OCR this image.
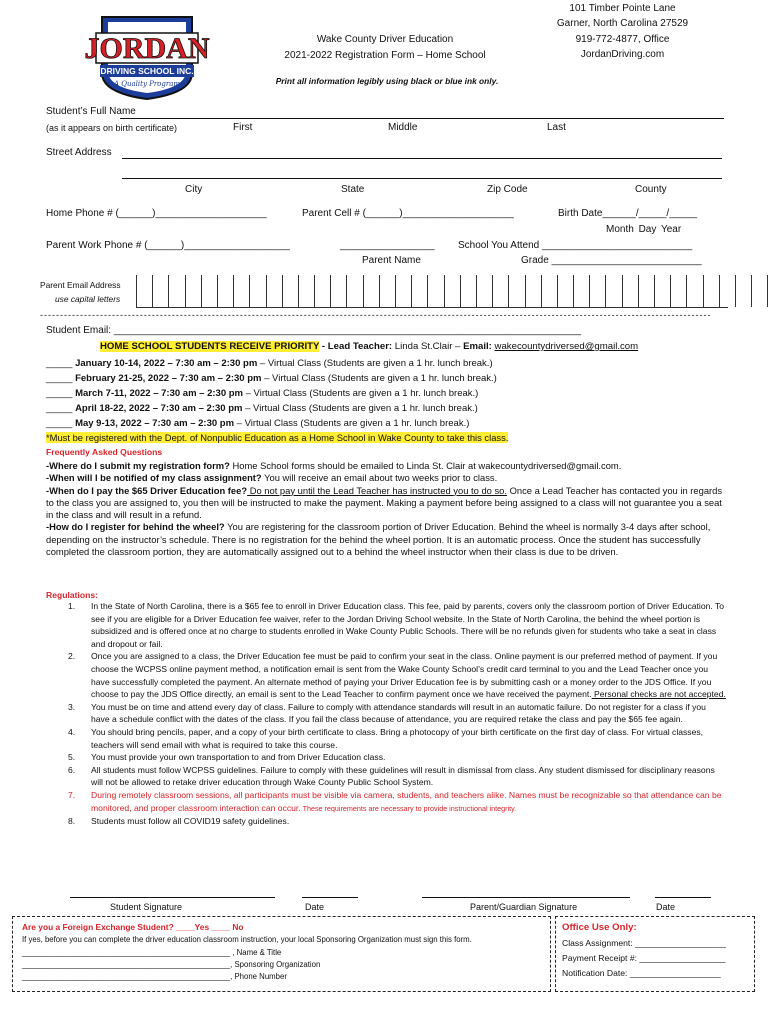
JORDAN
DRIVING SCHOOL INC.
A Quality Program
Wake County Driver Education
2021-2022 Registration Form – Home School
Print all information legibly using black or blue ink only.
101 Timber Pointe Lane
Garner, North Carolina 27529
919-772-4877, Office
JordanDriving.com
Student’s Full Name
(as it appears on birth certificate)	First	Middle	Last
Street Address
City	State	Zip Code	County
Home Phone # (______)____________________	Parent Cell # (______)____________________	Birth Date______/_____/_____
Month Day Year
Parent Work Phone # (______)___________________	_________________ School You Attend ___________________________
Parent Name	Grade ___________________________
Parent Email Address
use capital letters
------------------------------------------------------------------------------------------------------------------------------------------------------------------------
Student Email: ____________________________________________________________________________________
HOME SCHOOL STUDENTS RECEIVE PRIORITY - Lead Teacher: Linda St.Clair – Email: wakecountydriversed@gmail.com
_____ January 10-14, 2022 – 7:30 am – 2:30 pm – Virtual Class (Students are given a 1 hr. lunch break.)
_____ February 21-25, 2022 – 7:30 am – 2:30 pm – Virtual Class (Students are given a 1 hr. lunch break.)
_____ March 7-11, 2022 – 7:30 am – 2:30 pm – Virtual Class (Students are given a 1 hr. lunch break.)
_____ April 18-22, 2022 – 7:30 am – 2:30 pm – Virtual Class (Students are given a 1 hr. lunch break.)
_____ May 9-13, 2022 – 7:30 am – 2:30 pm – Virtual Class (Students are given a 1 hr. lunch break.)
*Must be registered with the Dept. of Nonpublic Education as a Home School in Wake County to take this class.
Frequently Asked Questions

-Where do I submit my registration form? Home School forms should be emailed to Linda St. Clair at wakecountydriversed@gmail.com.

-When will I be notified of my class assignment? You will receive an email about two weeks prior to class.

-When do I pay the $65 Driver Education fee? Do not pay until the Lead Teacher has instructed you to do so. Once a Lead Teacher has contacted you in regards to the class you are assigned to, you then will be instructed to make the payment. Making a payment before being assigned to a class will not guarantee you a seat in the class and will result in a refund.

-How do I register for behind the wheel? You are registering for the classroom portion of Driver Education. Behind the wheel is normally 3-4 days after school, depending on the instructor’s schedule. There is no registration for the behind the wheel portion. It is an automatic process. Once the student has successfully completed the classroom portion, they are automatically assigned out to a behind the wheel instructor when their class is due to be driven.

Regulations:
1. In the State of North Carolina, there is a $65 fee to enroll in Driver Education class. This fee, paid by parents, covers only the classroom portion of Driver Education. To see if you are eligible for a Driver Education fee waiver, refer to the Jordan Driving School website. In the State of North Carolina, the behind the wheel portion is subsidized and is offered once at no charge to students enrolled in Wake County Public Schools. There will be no refunds given for students who take a seat in class and dropout or fail.
2. Once you are assigned to a class, the Driver Education fee must be paid to confirm your seat in the class. Online payment is our preferred method of payment. If you choose the WCPSS online payment method, a notification email is sent from the Wake County School’s credit card terminal to you and the Lead Teacher once you have successfully completed the payment. An alternate method of paying your Driver Education fee is by submitting cash or a money order to the JDS Office. If you choose to pay the JDS Office directly, an email is sent to the Lead Teacher to confirm payment once we have received the payment. Personal checks are not accepted.
3. You must be on time and attend every day of class. Failure to comply with attendance standards will result in an automatic failure. Do not register for a class if you have a schedule conflict with the dates of the class. If you fail the class because of attendance, you are required retake the class and pay the $65 fee again.
4. You should bring pencils, paper, and a copy of your birth certificate to class. Bring a photocopy of your birth certificate on the first day of class. For virtual classes, teachers will send email with what is required to take this course.
5. You must provide your own transportation to and from Driver Education class.
6. All students must follow WCPSS guidelines. Failure to comply with these guidelines will result in dismissal from class. Any student dismissed for disciplinary reasons will not be allowed to retake driver education through Wake County Public School System.
7. During remotely classroom sessions, all participants must be visible via camera, students, and teachers alike. Names must be recognizable so that attendance can be monitored, and proper classroom interaction can occur. These requirements are necessary to provide instructional integrity.
8. Students must follow all COVID19 safety guidelines.
Student Signature	Date	Parent/Guardian Signature	Date
Are you a Foreign Exchange Student? ____Yes ____ No
If yes, before you can complete the driver education classroom instruction, your local Sponsoring Organization must sign this form.
________________________________________________ , Name & Title
________________________________________________, Sponsoring Organization
________________________________________________, Phone Number
Office Use Only:
Class Assignment: ___________________
Payment Receipt #: __________________
Notification Date: ___________________
